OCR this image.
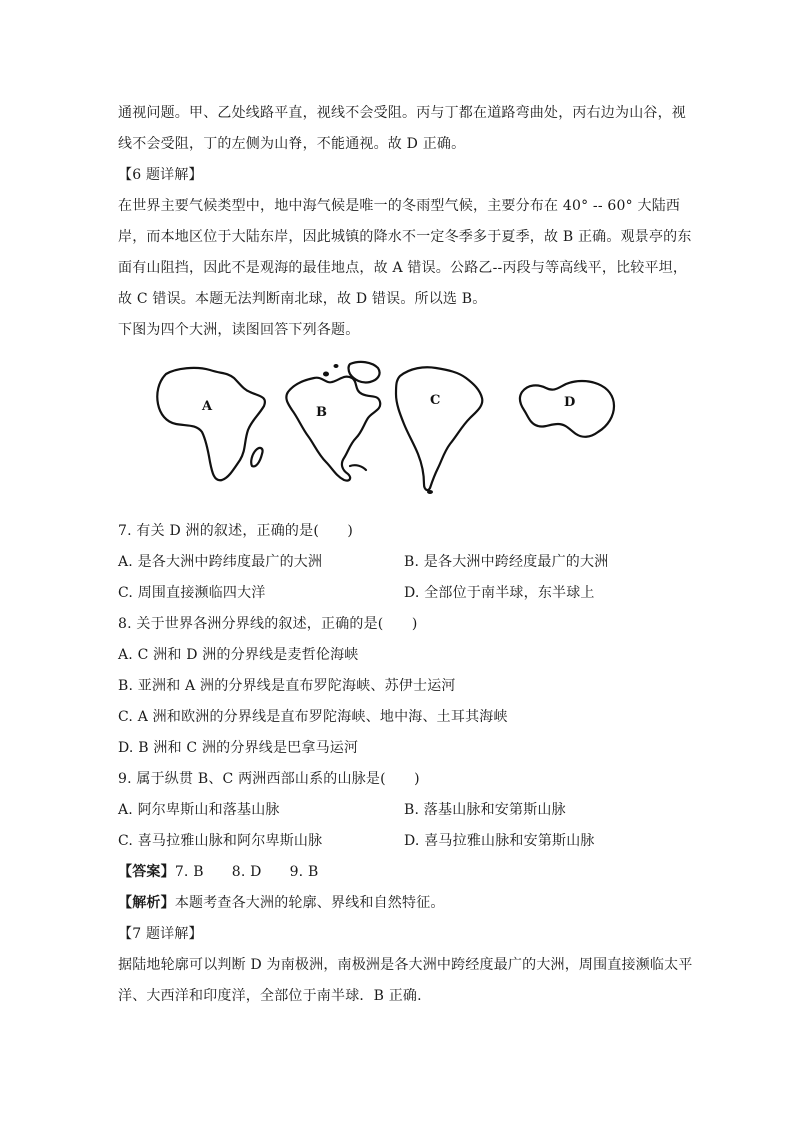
通视问题。甲、乙处线路平直，视线不会受阻。丙与丁都在道路弯曲处，丙右边为山谷，视
线不会受阻，丁的左侧为山脊，不能通视。故 D 正确。
【6 题详解】
在世界主要气候类型中，地中海气候是唯一的冬雨型气候，主要分布在 40° -- 60° 大陆西
岸，而本地区位于大陆东岸，因此城镇的降水不一定冬季多于夏季，故 B 正确。观景亭的东
面有山阻挡，因此不是观海的最佳地点，故 A 错误。公路乙--丙段与等高线平，比较平坦，
故 C 错误。本题无法判断南北球，故 D 错误。所以选 B。
下图为四个大洲，读图回答下列各题。
A	B
C	D
7. 有关 D 洲的叙述，正确的是(　　)
A. 是各大洲中跨纬度最广的大洲	B. 是各大洲中跨经度最广的大洲
C. 周围直接濒临四大洋	D. 全部位于南半球，东半球上
8. 关于世界各洲分界线的叙述，正确的是(　　)
A. C 洲和 D 洲的分界线是麦哲伦海峡
B. 亚洲和 A 洲的分界线是直布罗陀海峡、苏伊士运河
C. A 洲和欧洲的分界线是直布罗陀海峡、地中海、土耳其海峡
D. B 洲和 C 洲的分界线是巴拿马运河
9. 属于纵贯 B、C 两洲西部山系的山脉是(　　)
A. 阿尔卑斯山和落基山脉	B. 落基山脉和安第斯山脉
C. 喜马拉雅山脉和阿尔卑斯山脉	D. 喜马拉雅山脉和安第斯山脉
【答案】7. B 8. D 9. B
【解析】本题考查各大洲的轮廓、界线和自然特征。
【7 题详解】
据陆地轮廓可以判断 D 为南极洲，南极洲是各大洲中跨经度最广的大洲，周围直接濒临太平
洋、大西洋和印度洋，全部位于南半球．B 正确.
